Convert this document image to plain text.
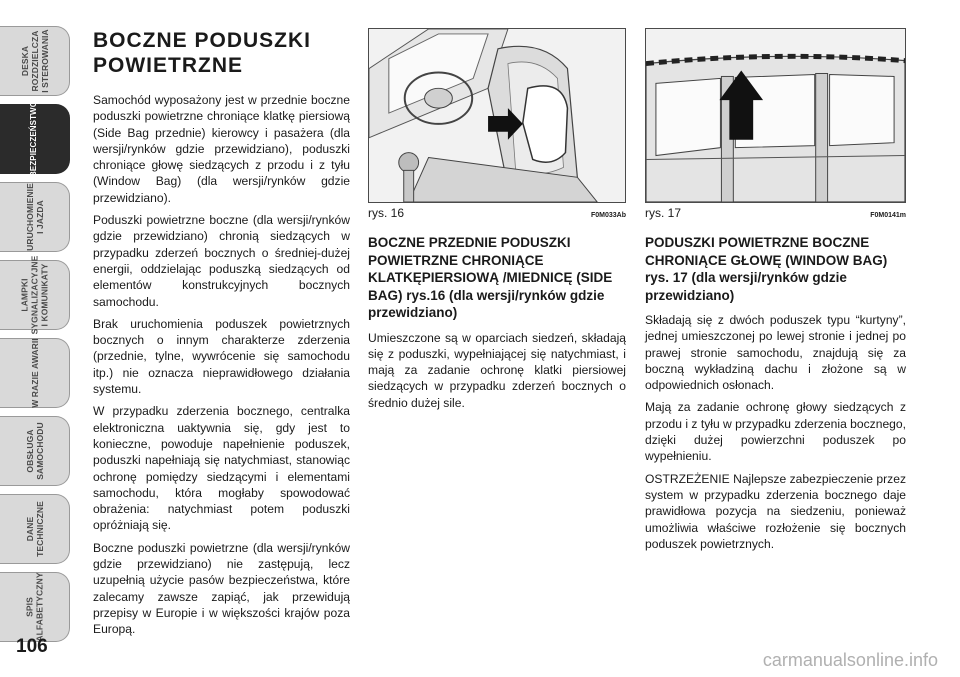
DESKA
ROZDZIELCZA
I STEROWANIA
BEZPIECZEŃSTWO
URUCHOMIENIE
I JAZDA
LAMPKI
SYGNALIZACYJNE
I KOMUNIKATY
W RAZIE AWARII
OBSŁUGA
SAMOCHODU
DANE
TECHNICZNE
SPIS
ALFABETYCZNY
106
BOCZNE PODUSZKI POWIETRZNE

Samochód wyposażony jest w przednie boczne poduszki powietrzne chroniące klatkę piersiową (Side Bag przednie) kierowcy i pasażera (dla wersji/rynków gdzie przewidziano), poduszki chroniące głowę siedzących z przodu i z tyłu (Window Bag) (dla wersji/rynków gdzie przewidziano).

Poduszki powietrzne boczne (dla wersji/rynków gdzie przewidziano) chronią siedzących w przypadku zderzeń bocznych o średniej-dużej energii, oddzielając poduszką siedzących od elementów konstrukcyjnych bocznych samochodu.

Brak uruchomienia poduszek powietrznych bocznych o innym charakterze zderzenia (przednie, tylne, wywrócenie się samochodu itp.) nie oznacza nieprawidłowego działania systemu.

W przypadku zderzenia bocznego, centralka elektroniczna uaktywnia się, gdy jest to konieczne, powoduje napełnienie poduszek, poduszki napełniają się natychmiast, stanowiąc ochronę pomiędzy siedzącymi i elementami samochodu, która mogłaby spowodować obrażenia: natychmiast potem poduszki opróżniają się.

Boczne poduszki powietrzne (dla wersji/rynków gdzie przewidziano) nie zastępują, lecz uzupełnią użycie pasów bezpieczeństwa, które zalecamy zawsze zapiąć, jak przewidują przepisy w Europie i w większości krajów poza Europą.

rys. 16	F0M033Ab
BOCZNE PRZEDNIE PODUSZKI POWIETRZNE CHRONIĄCE KLATKĘPIERSIOWĄ /MIEDNICĘ (SIDE BAG) rys.16 (dla wersji/rynków gdzie przewidziano)

Umieszczone są w oparciach siedzeń, składają się z poduszki, wypełniającej się natychmiast, i mają za zadanie ochronę klatki piersiowej siedzących w przypadku zderzeń bocznych o średnio dużej sile.

rys. 17	F0M0141m
PODUSZKI POWIETRZNE BOCZNE CHRONIĄCE GŁOWĘ (WINDOW BAG) rys. 17 (dla wersji/rynków gdzie przewidziano)

Składają się z dwóch poduszek typu “kurtyny”, jednej umieszczonej po lewej stronie i jednej po prawej stronie samochodu, znajdują się za boczną wykładziną dachu i złożone są w odpowiednich osłonach.

Mają za zadanie ochronę głowy siedzących z przodu i z tyłu w przypadku zderzenia bocznego, dzięki dużej powierzchni poduszek po wypełnieniu.

OSTRZEŻENIE Najlepsze zabezpieczenie przez system w przypadku zderzenia bocznego daje prawidłowa pozycja na siedzeniu, ponieważ umożliwia właściwe rozłożenie się bocznych poduszek powietrznych.

carmanualsonline.info
